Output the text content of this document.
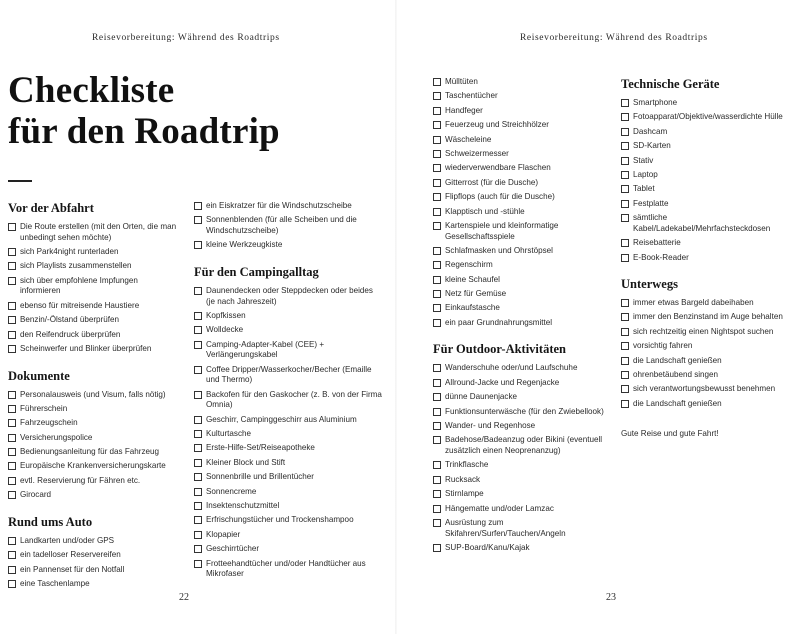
Reisevorbereitung: Während des Roadtrips
Checkliste
für den Roadtrip
Vor der Abfahrt
Die Route erstellen (mit den Orten, die man unbedingt sehen möchte)
sich Park4night runterladen
sich Playlists zusammenstellen
sich über empfohlene Impfungen informieren
ebenso für mitreisende Haustiere
Benzin/-Ölstand überprüfen
den Reifendruck überprüfen
Scheinwerfer und Blinker überprüfen
Dokumente
Personalausweis (und Visum, falls nötig)
Führerschein
Fahrzeugschein
Versicherungspolice
Bedienungsanleitung für das Fahrzeug
Europäische Krankenversicherungskarte
evtl. Reservierung für Fähren etc.
Girocard
Rund ums Auto
Landkarten und/oder GPS
ein tadelloser Reservereifen
ein Pannenset für den Notfall
eine Taschenlampe
ein Eiskratzer für die Windschutzscheibe
Sonnenblenden (für alle Scheiben und die Windschutzscheibe)
kleine Werkzeugkiste
Für den Campingalltag
Daunendecken oder Steppdecken oder beides (je nach Jahreszeit)
Kopfkissen
Wolldecke
Camping-Adapter-Kabel (CEE) + Verlängerungskabel
Coffee Dripper/Wasserkocher/Becher (Emaille und Thermo)
Backofen für den Gaskocher (z. B. von der Firma Omnia)
Geschirr, Campinggeschirr aus Aluminium
Kulturtasche
Erste-Hilfe-Set/Reiseapotheke
Kleiner Block und Stift
Sonnenbrille und Brillentücher
Sonnencreme
Insektenschutzmittel
Erfrischungstücher und Trockenshampoo
Klopapier
Geschirrtücher
Frotteehandtücher und/oder Handtücher aus Mikrofaser
22
Reisevorbereitung: Während des Roadtrips
Mülltüten
Taschentücher
Handfeger
Feuerzeug und Streichhölzer
Wäscheleine
Schweizermesser
wiederverwendbare Flaschen
Gitterrost (für die Dusche)
Flipflops (auch für die Dusche)
Klapptisch und -stühle
Kartenspiele und kleinformatige Gesellschaftsspiele
Schlafmasken und Ohrstöpsel
Regenschirm
kleine Schaufel
Netz für Gemüse
Einkaufstasche
ein paar Grundnahrungsmittel
Für Outdoor-Aktivitäten
Wanderschuhe oder/und Laufschuhe
Allround-Jacke und Regenjacke
dünne Daunenjacke
Funktionsunterwäsche (für den Zwiebellook)
Wander- und Regenhose
Badehose/Badeanzug oder Bikini (eventuell zusätzlich einen Neoprenanzug)
Trinkflasche
Rucksack
Stirnlampe
Hängematte und/oder Lamzac
Ausrüstung zum Skifahren/Surfen/Tauchen/Angeln
SUP-Board/Kanu/Kajak
Technische Geräte
Smartphone
Fotoapparat/Objektive/wasserdichte Hülle
Dashcam
SD-Karten
Stativ
Laptop
Tablet
Festplatte
sämtliche Kabel/Ladekabel/Mehrfachsteckdosen
Reisebatterie
E-Book-Reader
Unterwegs
immer etwas Bargeld dabeihaben
immer den Benzinstand im Auge behalten
sich rechtzeitig einen Nightspot suchen
vorsichtig fahren
die Landschaft genießen
ohrenbetäubend singen
sich verantwortungsbewusst benehmen
die Landschaft genießen
Gute Reise und gute Fahrt!
23
